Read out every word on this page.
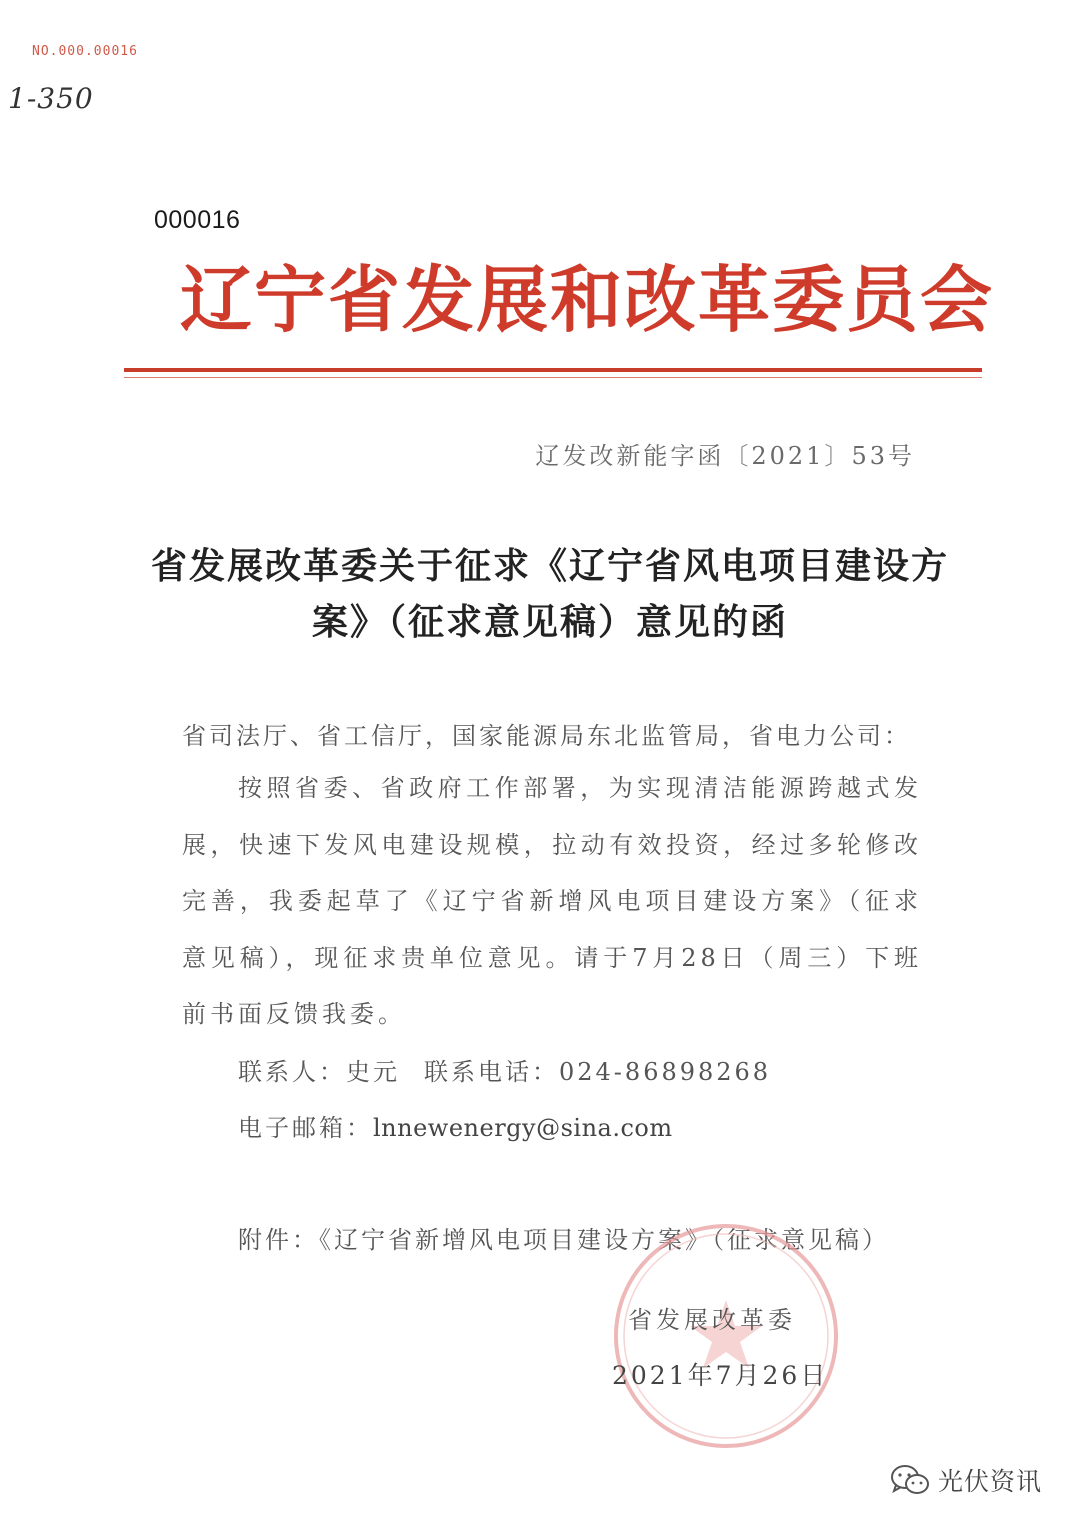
NO.000.00016
1-350
000016
辽宁省发展和改革委员会
辽发改新能字函〔2021〕53号
省发展改革委关于征求《辽宁省风电项目建设方案》（征求意见稿）意见的函
省司法厅、省工信厅，国家能源局东北监管局，省电力公司：
按照省委、省政府工作部署，为实现清洁能源跨越式发展，快速下发风电建设规模，拉动有效投资，经过多轮修改完善，我委起草了《辽宁省新增风电项目建设方案》（征求意见稿），现征求贵单位意见。请于7月28日（周三）下班前书面反馈我委。
联系人：史元 联系电话：024-86898268
电子邮箱：lnnewenergy@sina.com
附件：《辽宁省新增风电项目建设方案》（征求意见稿）
省发展改革委
2021年7月26日
光伏资讯
